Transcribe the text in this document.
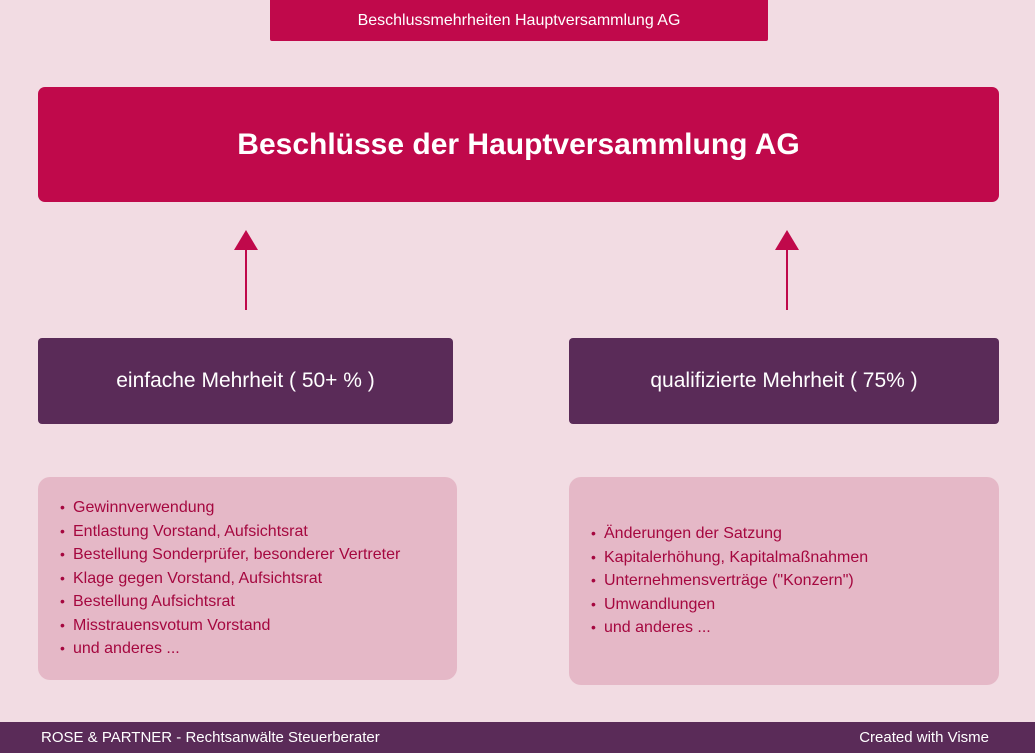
Beschlussmehrheiten Hauptversammlung AG
Beschlüsse der Hauptversammlung AG
einfache Mehrheit ( 50+ % )	qualifizierte Mehrheit ( 75% )
• Gewinnverwendung
• Entlastung Vorstand, Aufsichtsrat
• Bestellung Sonderprüfer, besonderer Vertreter
• Klage gegen Vorstand, Aufsichtsrat
• Bestellung Aufsichtsrat
• Misstrauensvotum Vorstand
• und anderes ...
• Änderungen der Satzung
• Kapitalerhöhung, Kapitalmaßnahmen
• Unternehmensverträge ("Konzern")
• Umwandlungen
• und anderes ...
ROSE & PARTNER - Rechtsanwälte Steuerberater	Created with Visme
